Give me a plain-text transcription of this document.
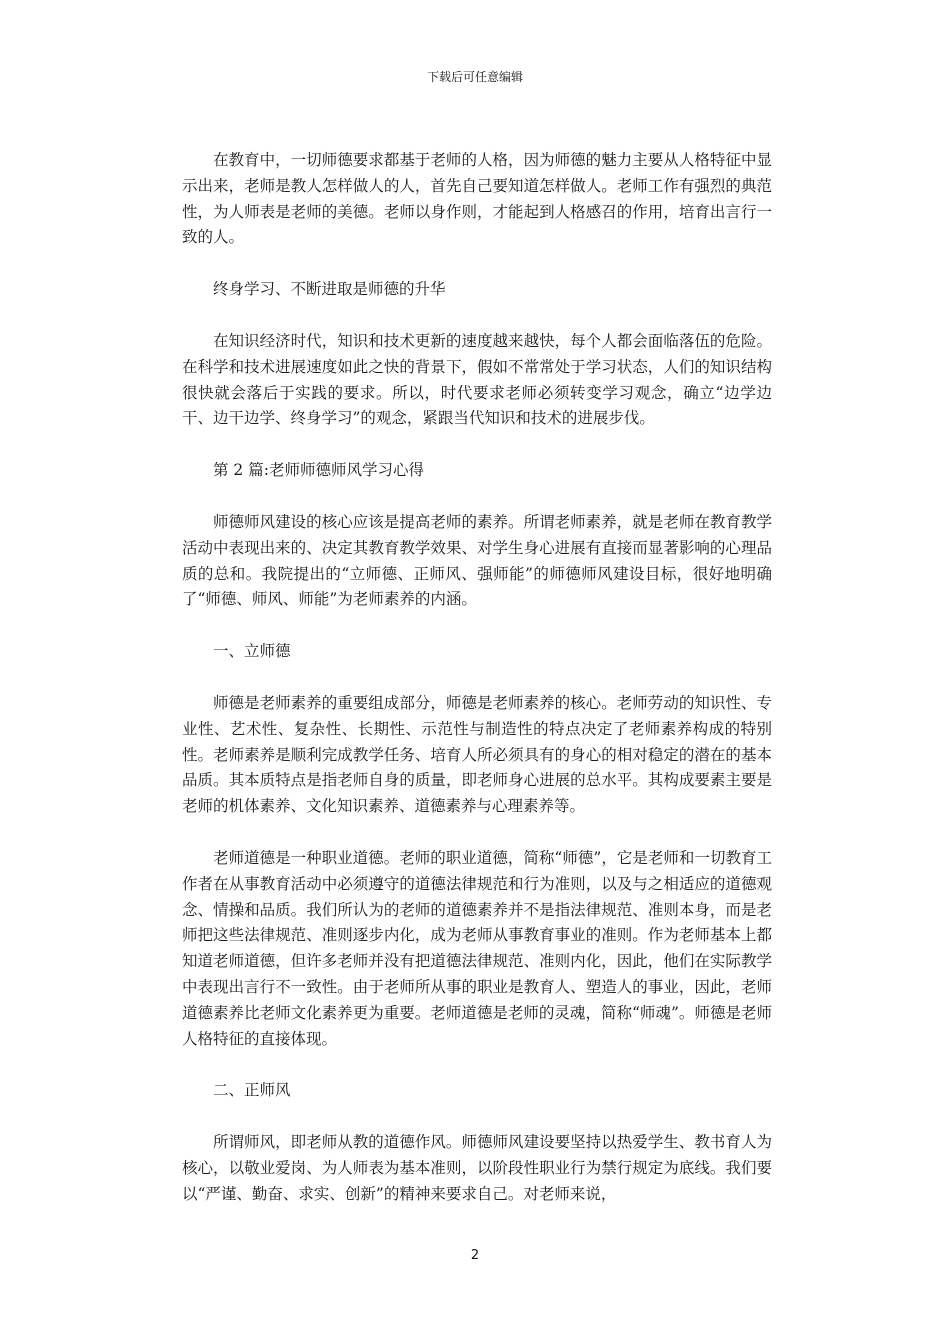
下载后可任意编辑

在教育中，一切师德要求都基于老师的人格，因为师德的魅力主要从人格特征中显示出来，老师是教人怎样做人的人，首先自己要知道怎样做人。老师工作有强烈的典范性，为人师表是老师的美德。老师以身作则，才能起到人格感召的作用，培育出言行一致的人。

终身学习、不断进取是师德的升华

在知识经济时代，知识和技术更新的速度越来越快，每个人都会面临落伍的危险。在科学和技术进展速度如此之快的背景下，假如不常常处于学习状态，人们的知识结构很快就会落后于实践的要求。所以，时代要求老师必须转变学习观念，确立“边学边干、边干边学、终身学习”的观念，紧跟当代知识和技术的进展步伐。

第 2 篇:老师师德师风学习心得

师德师风建设的核心应该是提高老师的素养。所谓老师素养，就是老师在教育教学活动中表现出来的、决定其教育教学效果、对学生身心进展有直接而显著影响的心理品质的总和。我院提出的“立师德、正师风、强师能”的师德师风建设目标，很好地明确了“师德、师风、师能”为老师素养的内涵。

一、立师德

师德是老师素养的重要组成部分，师德是老师素养的核心。老师劳动的知识性、专业性、艺术性、复杂性、长期性、示范性与制造性的特点决定了老师素养构成的特别性。老师素养是顺利完成教学任务、培育人所必须具有的身心的相对稳定的潜在的基本品质。其本质特点是指老师自身的质量，即老师身心进展的总水平。其构成要素主要是老师的机体素养、文化知识素养、道德素养与心理素养等。

老师道德是一种职业道德。老师的职业道德，简称“师德”，它是老师和一切教育工作者在从事教育活动中必须遵守的道德法律规范和行为准则，以及与之相适应的道德观念、情操和品质。我们所认为的老师的道德素养并不是指法律规范、准则本身，而是老师把这些法律规范、准则逐步内化，成为老师从事教育事业的准则。作为老师基本上都知道老师道德，但许多老师并没有把道德法律规范、准则内化，因此，他们在实际教学中表现出言行不一致性。由于老师所从事的职业是教育人、塑造人的事业，因此，老师道德素养比老师文化素养更为重要。老师道德是老师的灵魂，简称“师魂”。师德是老师人格特征的直接体现。

二、正师风

所谓师风，即老师从教的道德作风。师德师风建设要坚持以热爱学生、教书育人为核心，以敬业爱岗、为人师表为基本准则，以阶段性职业行为禁行规定为底线。我们要以“严谨、勤奋、求实、创新”的精神来要求自己。对老师来说，

2
